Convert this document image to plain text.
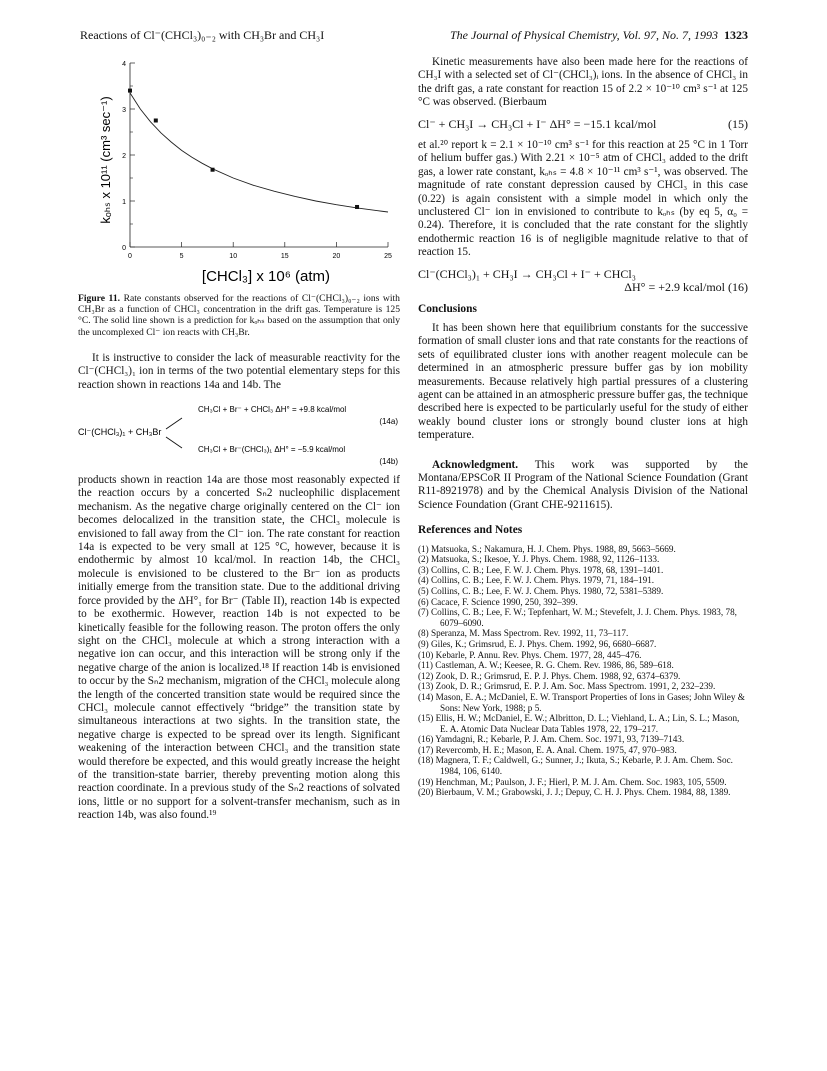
Reactions of Cl⁻(CHCl₃)₀₋₂ with CH₃Br and CH₃I	The Journal of Physical Chemistry, Vol. 97, No. 7, 1993 1323
0	5	10	15	20	25
0
1
2
3
4
kₒₕₛ x 10¹¹ (cm³ sec⁻¹)
[CHCl₃] x 10⁶ (atm)
Figure 11. Rate constants observed for the reactions of Cl⁻(CHCl₃)₀₋₂ ions with CH₃Br as a function of CHCl₃ concentration in the drift gas. Temperature is 125 °C. The solid line shown is a prediction for kₒₕₛ based on the assumption that only the uncomplexed Cl⁻ ion reacts with CH₃Br.

It is instructive to consider the lack of measurable reactivity for the Cl⁻(CHCl₃)₁ ion in terms of the two potential elementary steps for this reaction shown in reactions 14a and 14b. The

Cl⁻(CHCl₃)₁ + CH₃Br
CH₃Cl + Br⁻ + CHCl₃ ΔH° = +9.8 kcal/mol
(14a)
CH₃Cl + Br⁻(CHCl₃)₁ ΔH° = −5.9 kcal/mol
(14b)

products shown in reaction 14a are those most reasonably expected if the reaction occurs by a concerted Sₙ2 nucleophilic displacement mechanism. As the negative charge originally centered on the Cl⁻ ion becomes delocalized in the transition state, the CHCl₃ molecule is envisioned to fall away from the Cl⁻ ion. The rate constant for reaction 14a is expected to be very small at 125 °C, however, because it is endothermic by almost 10 kcal/mol. In reaction 14b, the CHCl₃ molecule is envisioned to be clustered to the Br⁻ ion as products initially emerge from the transition state. Due to the additional driving force provided by the ΔH°₁ for Br⁻ (Table II), reaction 14b is expected to be exothermic. However, reaction 14b is not expected to be kinetically feasible for the following reason. The proton offers the only sight on the CHCl₃ molecule at which a strong interaction with a negative ion can occur, and this interaction will be strong only if the negative charge of the anion is localized.¹⁸ If reaction 14b is envisioned to occur by the Sₙ2 mechanism, migration of the CHCl₃ molecule along the length of the concerted transition state would be required since the CHCl₃ molecule cannot effectively “bridge” the transition state by simultaneous interactions at two sights. In the transition state, the negative charge is expected to be spread over its length. Significant weakening of the interaction between CHCl₃ and the transition state would therefore be expected, and this would greatly increase the height of the transition-state barrier, thereby preventing motion along this reaction coordinate. In a previous study of the Sₙ2 reactions of solvated ions, little or no support for a solvent-transfer mechanism, such as in reaction 14b, was also found.¹⁹

Kinetic measurements have also been made here for the reactions of CH₃I with a selected set of Cl⁻(CHCl₃)ᵢ ions. In the absence of CHCl₃ in the drift gas, a rate constant for reaction 15 of 2.2 × 10⁻¹⁰ cm³ s⁻¹ at 125 °C was observed. (Bierbaum

Cl⁻ + CH₃I → CH₃Cl + I⁻ ΔH° = −15.1 kcal/mol	(15)

et al.²⁰ report k = 2.1 × 10⁻¹⁰ cm³ s⁻¹ for this reaction at 25 °C in 1 Torr of helium buffer gas.) With 2.21 × 10⁻⁵ atm of CHCl₃ added to the drift gas, a lower rate constant, kₒₕₛ = 4.8 × 10⁻¹¹ cm³ s⁻¹, was observed. The magnitude of rate constant depression caused by CHCl₃ in this case (0.22) is again consistent with a simple model in which only the unclustered Cl⁻ ion in envisioned to contribute to kₒₕₛ (by eq 5, α₀ = 0.24). Therefore, it is concluded that the rate constant for the slightly endothermic reaction 16 is of negligible magnitude relative to that of reaction 15.

Cl⁻(CHCl₃)₁ + CH₃I → CH₃Cl + I⁻ + CHCl₃
ΔH° = +2.9 kcal/mol (16)
Conclusions

It has been shown here that equilibrium constants for the successive formation of small cluster ions and that rate constants for the reactions of sets of equilibrated cluster ions with another reagent molecule can be determined in an atmospheric pressure buffer gas by ion mobility measurements. Because relatively high partial pressures of a clustering agent can be attained in an atmospheric pressure buffer gas, the technique described here is expected to be particularly useful for the study of either weakly bound cluster ions or strongly bound cluster ions at high temperature.

Acknowledgment. This work was supported by the Montana/EPSCoR II Program of the National Science Foundation (Grant R11-8921978) and by the Chemical Analysis Division of the National Science Foundation (Grant CHE-9211615).

References and Notes

(1) Matsuoka, S.; Nakamura, H. J. Chem. Phys. 1988, 89, 5663–5669.

(2) Matsuoka, S.; Ikesoe, Y. J. Phys. Chem. 1988, 92, 1126–1133.

(3) Collins, C. B.; Lee, F. W. J. Chem. Phys. 1978, 68, 1391–1401.

(4) Collins, C. B.; Lee, F. W. J. Chem. Phys. 1979, 71, 184–191.

(5) Collins, C. B.; Lee, F. W. J. Chem. Phys. 1980, 72, 5381–5389.

(6) Cacace, F. Science 1990, 250, 392–399.

(7) Collins, C. B.; Lee, F. W.; Tepfenhart, W. M.; Stevefelt, J. J. Chem. Phys. 1983, 78, 6079–6090.

(8) Speranza, M. Mass Spectrom. Rev. 1992, 11, 73–117.

(9) Giles, K.; Grimsrud, E. J. Phys. Chem. 1992, 96, 6680–6687.

(10) Kebarle, P. Annu. Rev. Phys. Chem. 1977, 28, 445–476.

(11) Castleman, A. W.; Keesee, R. G. Chem. Rev. 1986, 86, 589–618.

(12) Zook, D. R.; Grimsrud, E. P. J. Phys. Chem. 1988, 92, 6374–6379.

(13) Zook, D. R.; Grimsrud, E. P. J. Am. Soc. Mass Spectrom. 1991, 2, 232–239.

(14) Mason, E. A.; McDaniel, E. W. Transport Properties of Ions in Gases; John Wiley & Sons: New York, 1988; p 5.

(15) Ellis, H. W.; McDaniel, E. W.; Albritton, D. L.; Viehland, L. A.; Lin, S. L.; Mason, E. A. Atomic Data Nuclear Data Tables 1978, 22, 179–217.

(16) Yamdagni, R.; Kebarle, P. J. Am. Chem. Soc. 1971, 93, 7139–7143.

(17) Revercomb, H. E.; Mason, E. A. Anal. Chem. 1975, 47, 970–983.

(18) Magnera, T. F.; Caldwell, G.; Sunner, J.; Ikuta, S.; Kebarle, P. J. Am. Chem. Soc. 1984, 106, 6140.

(19) Henchman, M.; Paulson, J. F.; Hierl, P. M. J. Am. Chem. Soc. 1983, 105, 5509.

(20) Bierbaum, V. M.; Grabowski, J. J.; Depuy, C. H. J. Phys. Chem. 1984, 88, 1389.
